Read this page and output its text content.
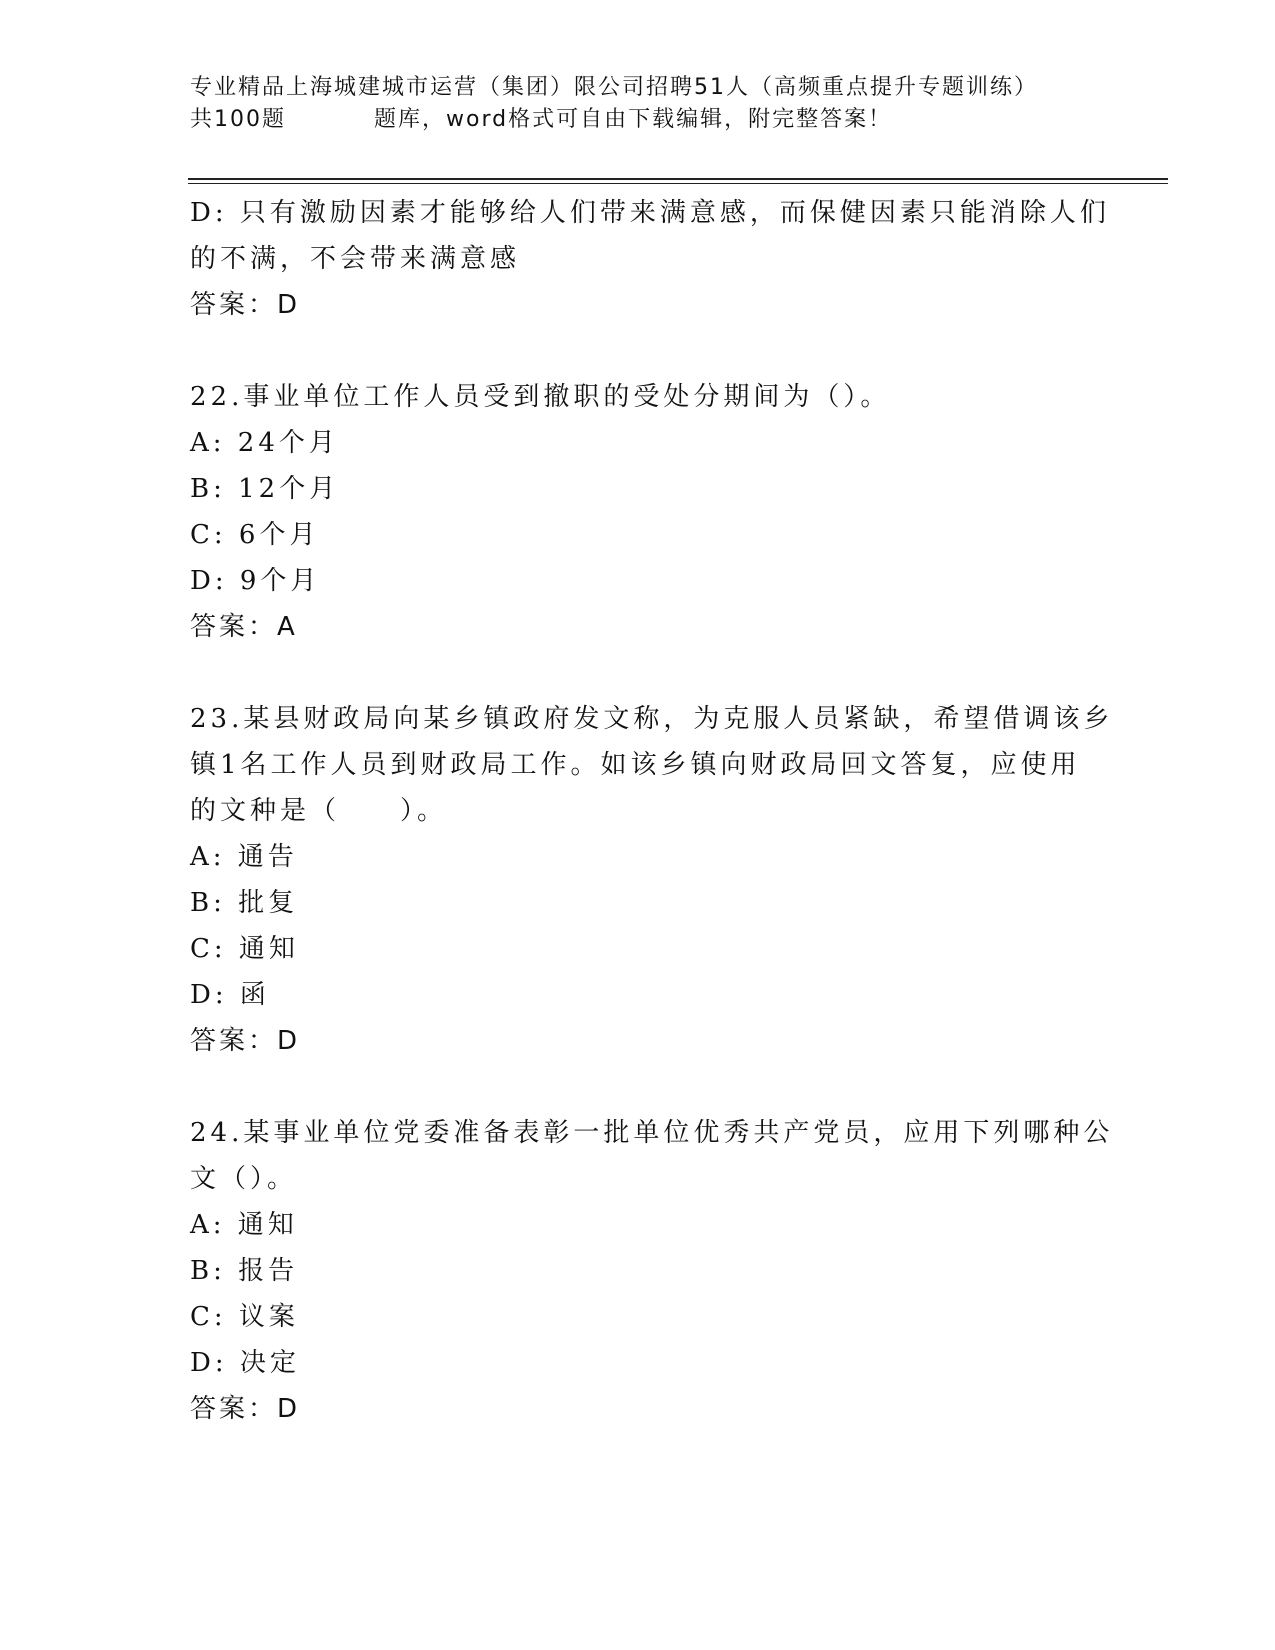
专业精品上海城建城市运营（集团）限公司招聘51人（高频重点提升专题训练）
共100题	题库，word格式可自由下载编辑，附完整答案！
D: 只有激励因素才能够给人们带来满意感，而保健因素只能消除人们
的不满，不会带来满意感
答案：D
22.事业单位工作人员受到撤职的受处分期间为（）。
A: 24个月
B: 12个月
C: 6个月
D: 9个月
答案：A
23.某县财政局向某乡镇政府发文称，为克服人员紧缺，希望借调该乡
镇1名工作人员到财政局工作。如该乡镇向财政局回文答复，应使用
的文种是（　　）。
A: 通告
B: 批复
C: 通知
D: 函
答案：D
24.某事业单位党委准备表彰一批单位优秀共产党员，应用下列哪种公
文（）。
A: 通知
B: 报告
C: 议案
D: 决定
答案：D
